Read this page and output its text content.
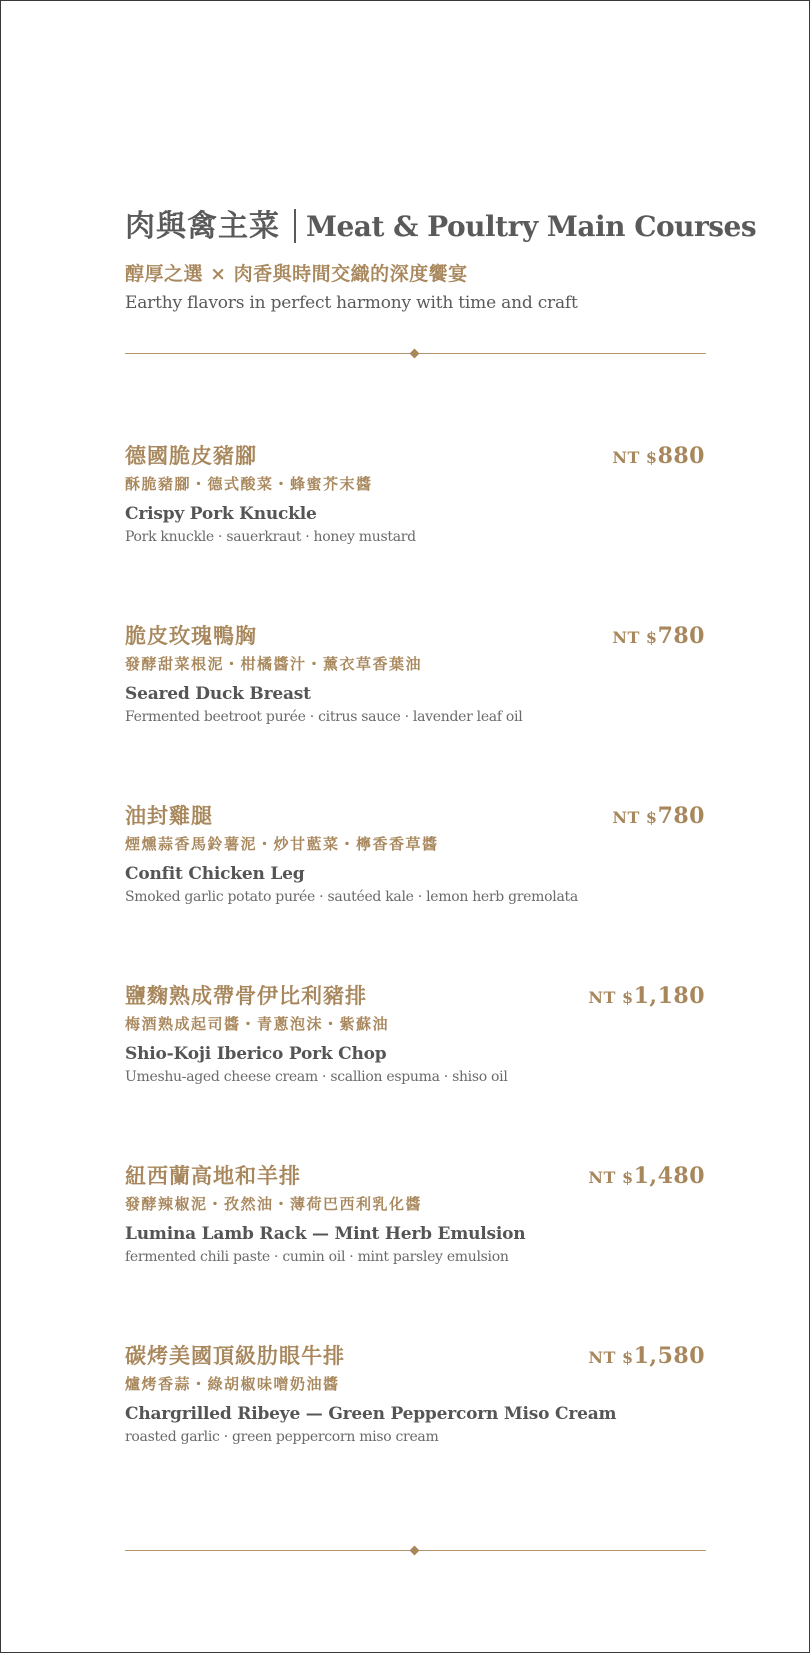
肉與禽主菜 Meat & Poultry Main Courses
醇厚之選 × 肉香與時間交織的深度饗宴
Earthy flavors in perfect harmony with time and craft
德國脆皮豬腳	NT $880
酥脆豬腳・德式酸菜・蜂蜜芥末醬
Crispy Pork Knuckle
Pork knuckle · sauerkraut · honey mustard
脆皮玫瑰鴨胸	NT $780
發酵甜菜根泥・柑橘醬汁・薰衣草香葉油
Seared Duck Breast
Fermented beetroot purée · citrus sauce · lavender leaf oil
油封雞腿	NT $780
煙燻蒜香馬鈴薯泥・炒甘藍菜・檸香香草醬
Confit Chicken Leg
Smoked garlic potato purée · sautéed kale · lemon herb gremolata
鹽麴熟成帶骨伊比利豬排	NT $1,180
梅酒熟成起司醬・青蔥泡沫・紫蘇油
Shio-Koji Iberico Pork Chop
Umeshu-aged cheese cream · scallion espuma · shiso oil
紐西蘭高地和羊排	NT $1,480
發酵辣椒泥・孜然油・薄荷巴西利乳化醬
Lumina Lamb Rack — Mint Herb Emulsion
fermented chili paste · cumin oil · mint parsley emulsion
碳烤美國頂級肋眼牛排	NT $1,580
爐烤香蒜・綠胡椒味噌奶油醬
Chargrilled Ribeye — Green Peppercorn Miso Cream
roasted garlic · green peppercorn miso cream
